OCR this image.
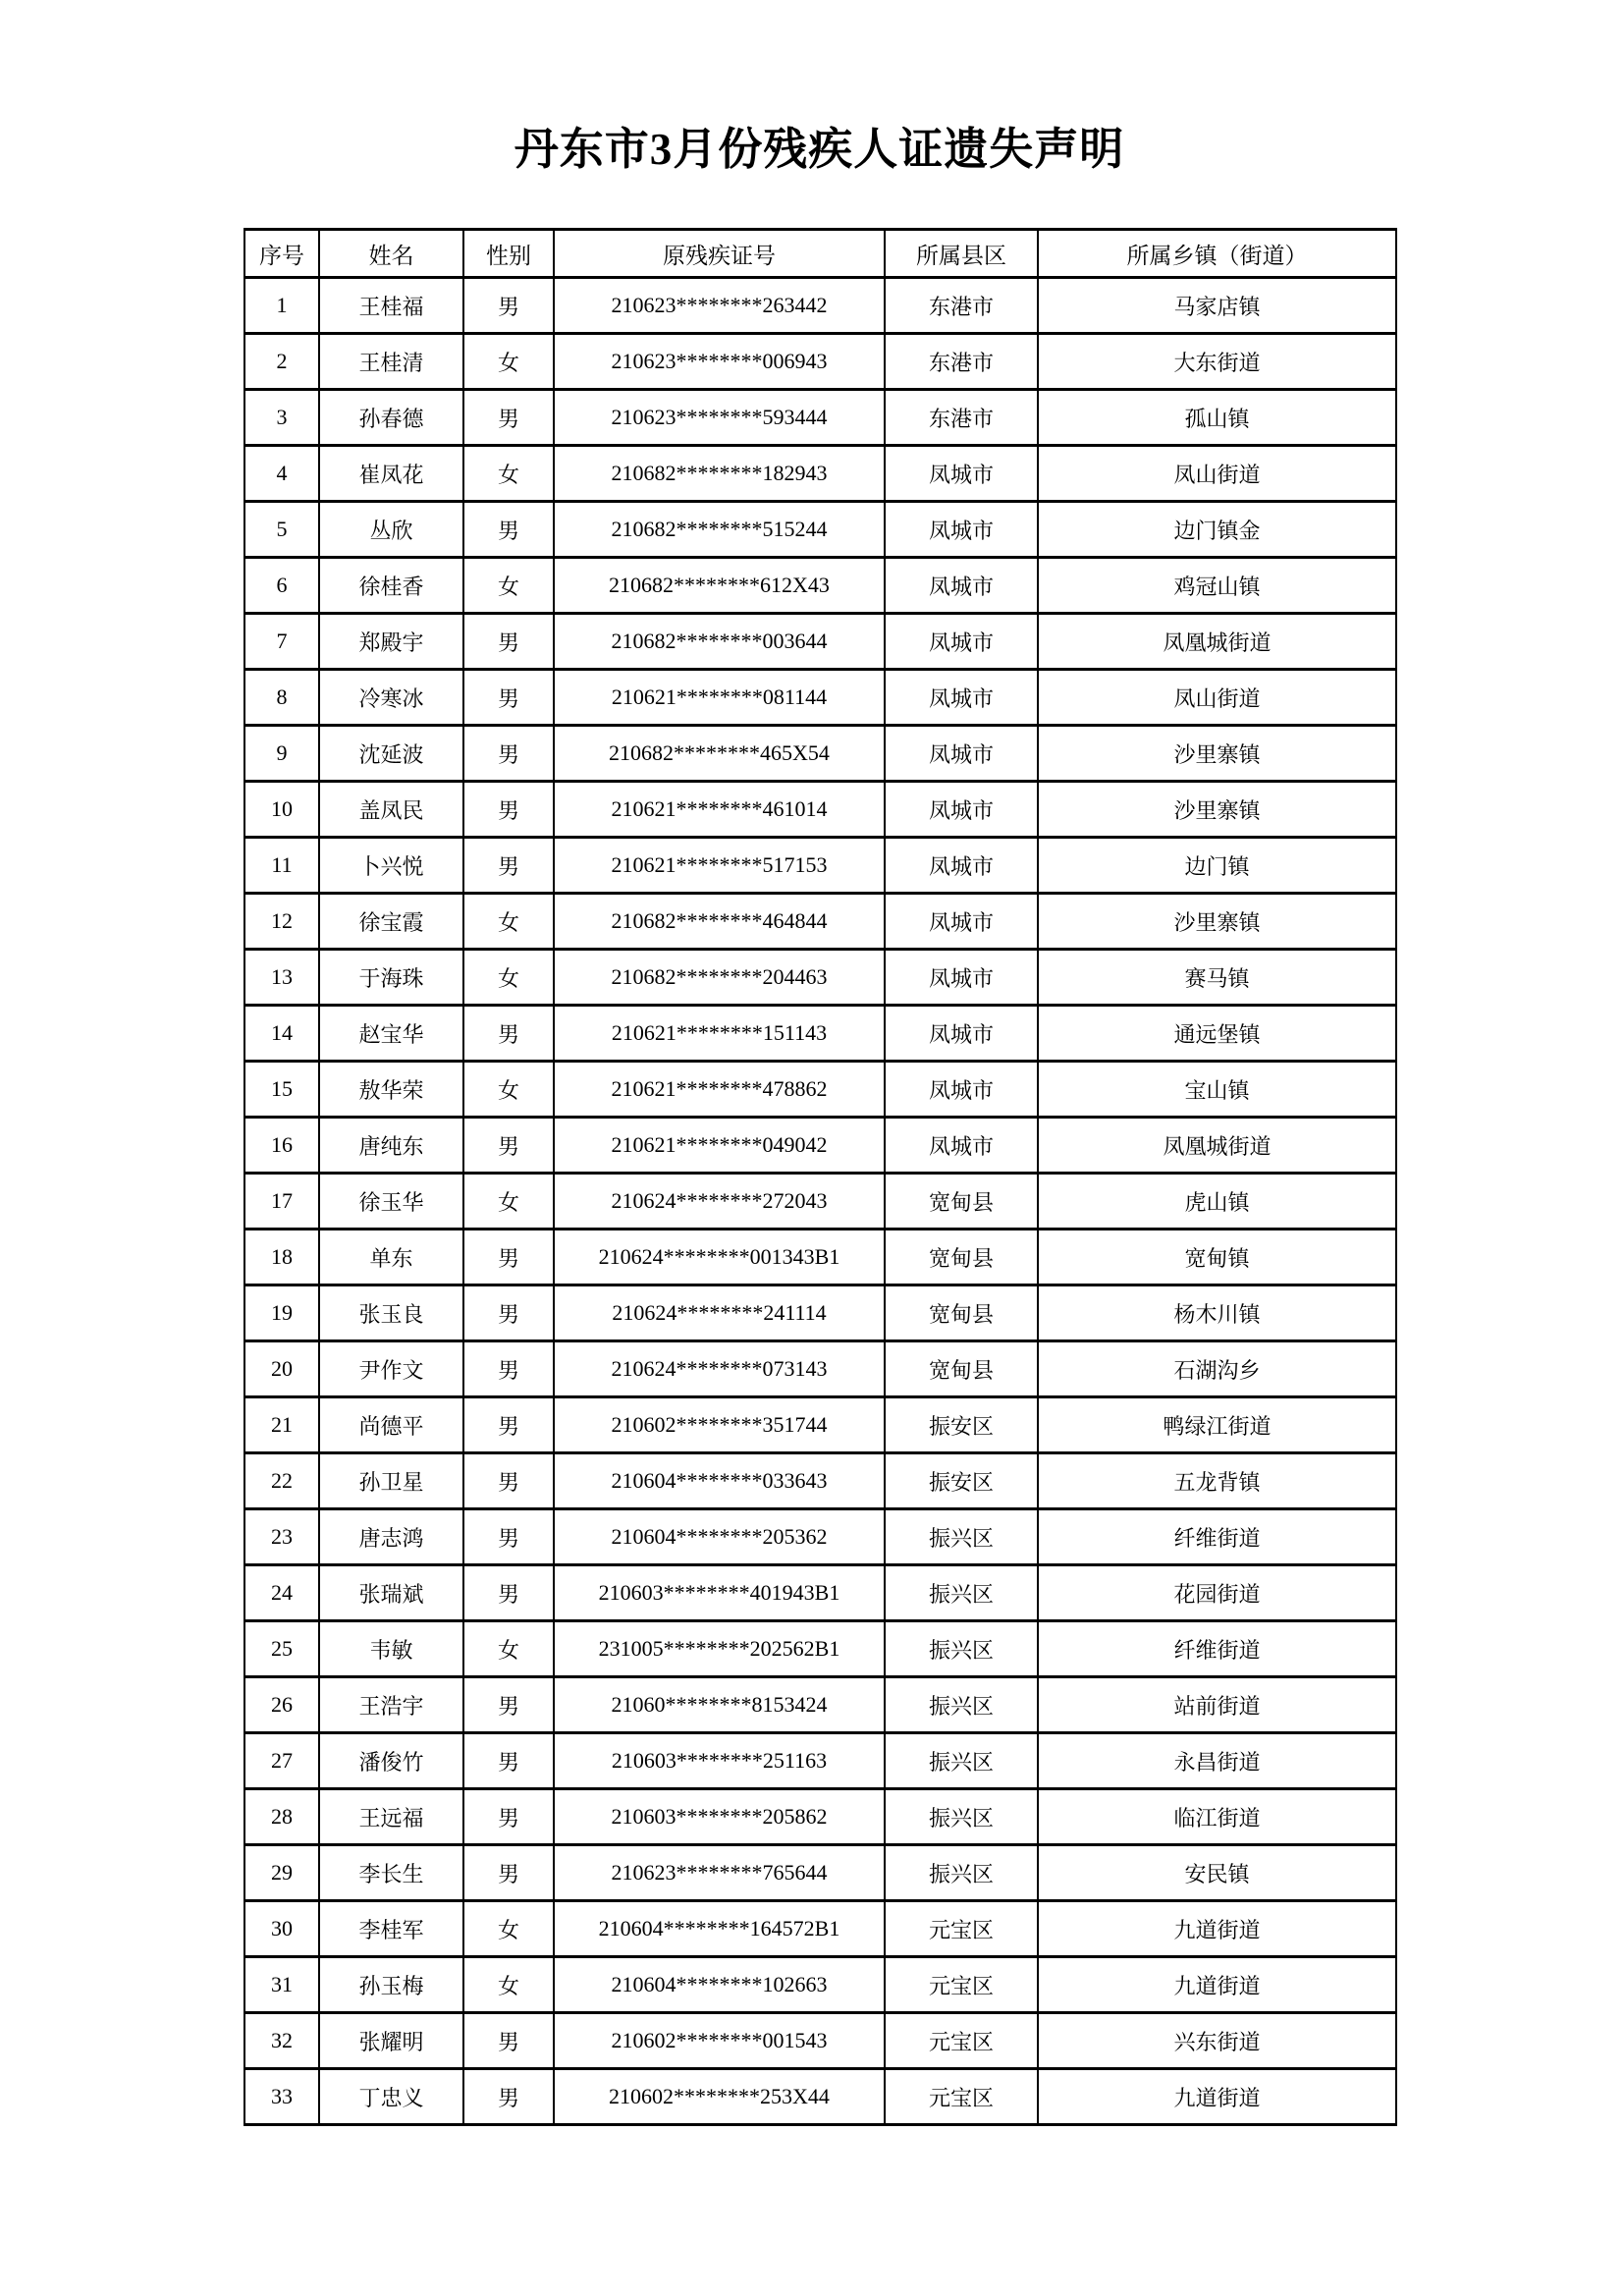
丹东市3月份残疾人证遗失声明
序号	姓名	性别	原残疾证号	所属县区	所属乡镇（街道）
1	王桂福	男	210623********263442	东港市	马家店镇
2	王桂清	女	210623********006943	东港市	大东街道
3	孙春德	男	210623********593444	东港市	孤山镇
4	崔凤花	女	210682********182943	凤城市	凤山街道
5	丛欣	男	210682********515244	凤城市	边门镇金
6	徐桂香	女	210682********612X43	凤城市	鸡冠山镇
7	郑殿宇	男	210682********003644	凤城市	凤凰城街道
8	冷寒冰	男	210621********081144	凤城市	凤山街道
9	沈延波	男	210682********465X54	凤城市	沙里寨镇
10	盖凤民	男	210621********461014	凤城市	沙里寨镇
11	卜兴悦	男	210621********517153	凤城市	边门镇
12	徐宝霞	女	210682********464844	凤城市	沙里寨镇
13	于海珠	女	210682********204463	凤城市	赛马镇
14	赵宝华	男	210621********151143	凤城市	通远堡镇
15	敖华荣	女	210621********478862	凤城市	宝山镇
16	唐纯东	男	210621********049042	凤城市	凤凰城街道
17	徐玉华	女	210624********272043	宽甸县	虎山镇
18	单东	男	210624********001343B1	宽甸县	宽甸镇
19	张玉良	男	210624********241114	宽甸县	杨木川镇
20	尹作文	男	210624********073143	宽甸县	石湖沟乡
21	尚德平	男	210602********351744	振安区	鸭绿江街道
22	孙卫星	男	210604********033643	振安区	五龙背镇
23	唐志鸿	男	210604********205362	振兴区	纤维街道
24	张瑞斌	男	210603********401943B1	振兴区	花园街道
25	韦敏	女	231005********202562B1	振兴区	纤维街道
26	王浩宇	男	21060********8153424	振兴区	站前街道
27	潘俊竹	男	210603********251163	振兴区	永昌街道
28	王远福	男	210603********205862	振兴区	临江街道
29	李长生	男	210623********765644	振兴区	安民镇
30	李桂军	女	210604********164572B1	元宝区	九道街道
31	孙玉梅	女	210604********102663	元宝区	九道街道
32	张耀明	男	210602********001543	元宝区	兴东街道
33	丁忠义	男	210602********253X44	元宝区	九道街道
